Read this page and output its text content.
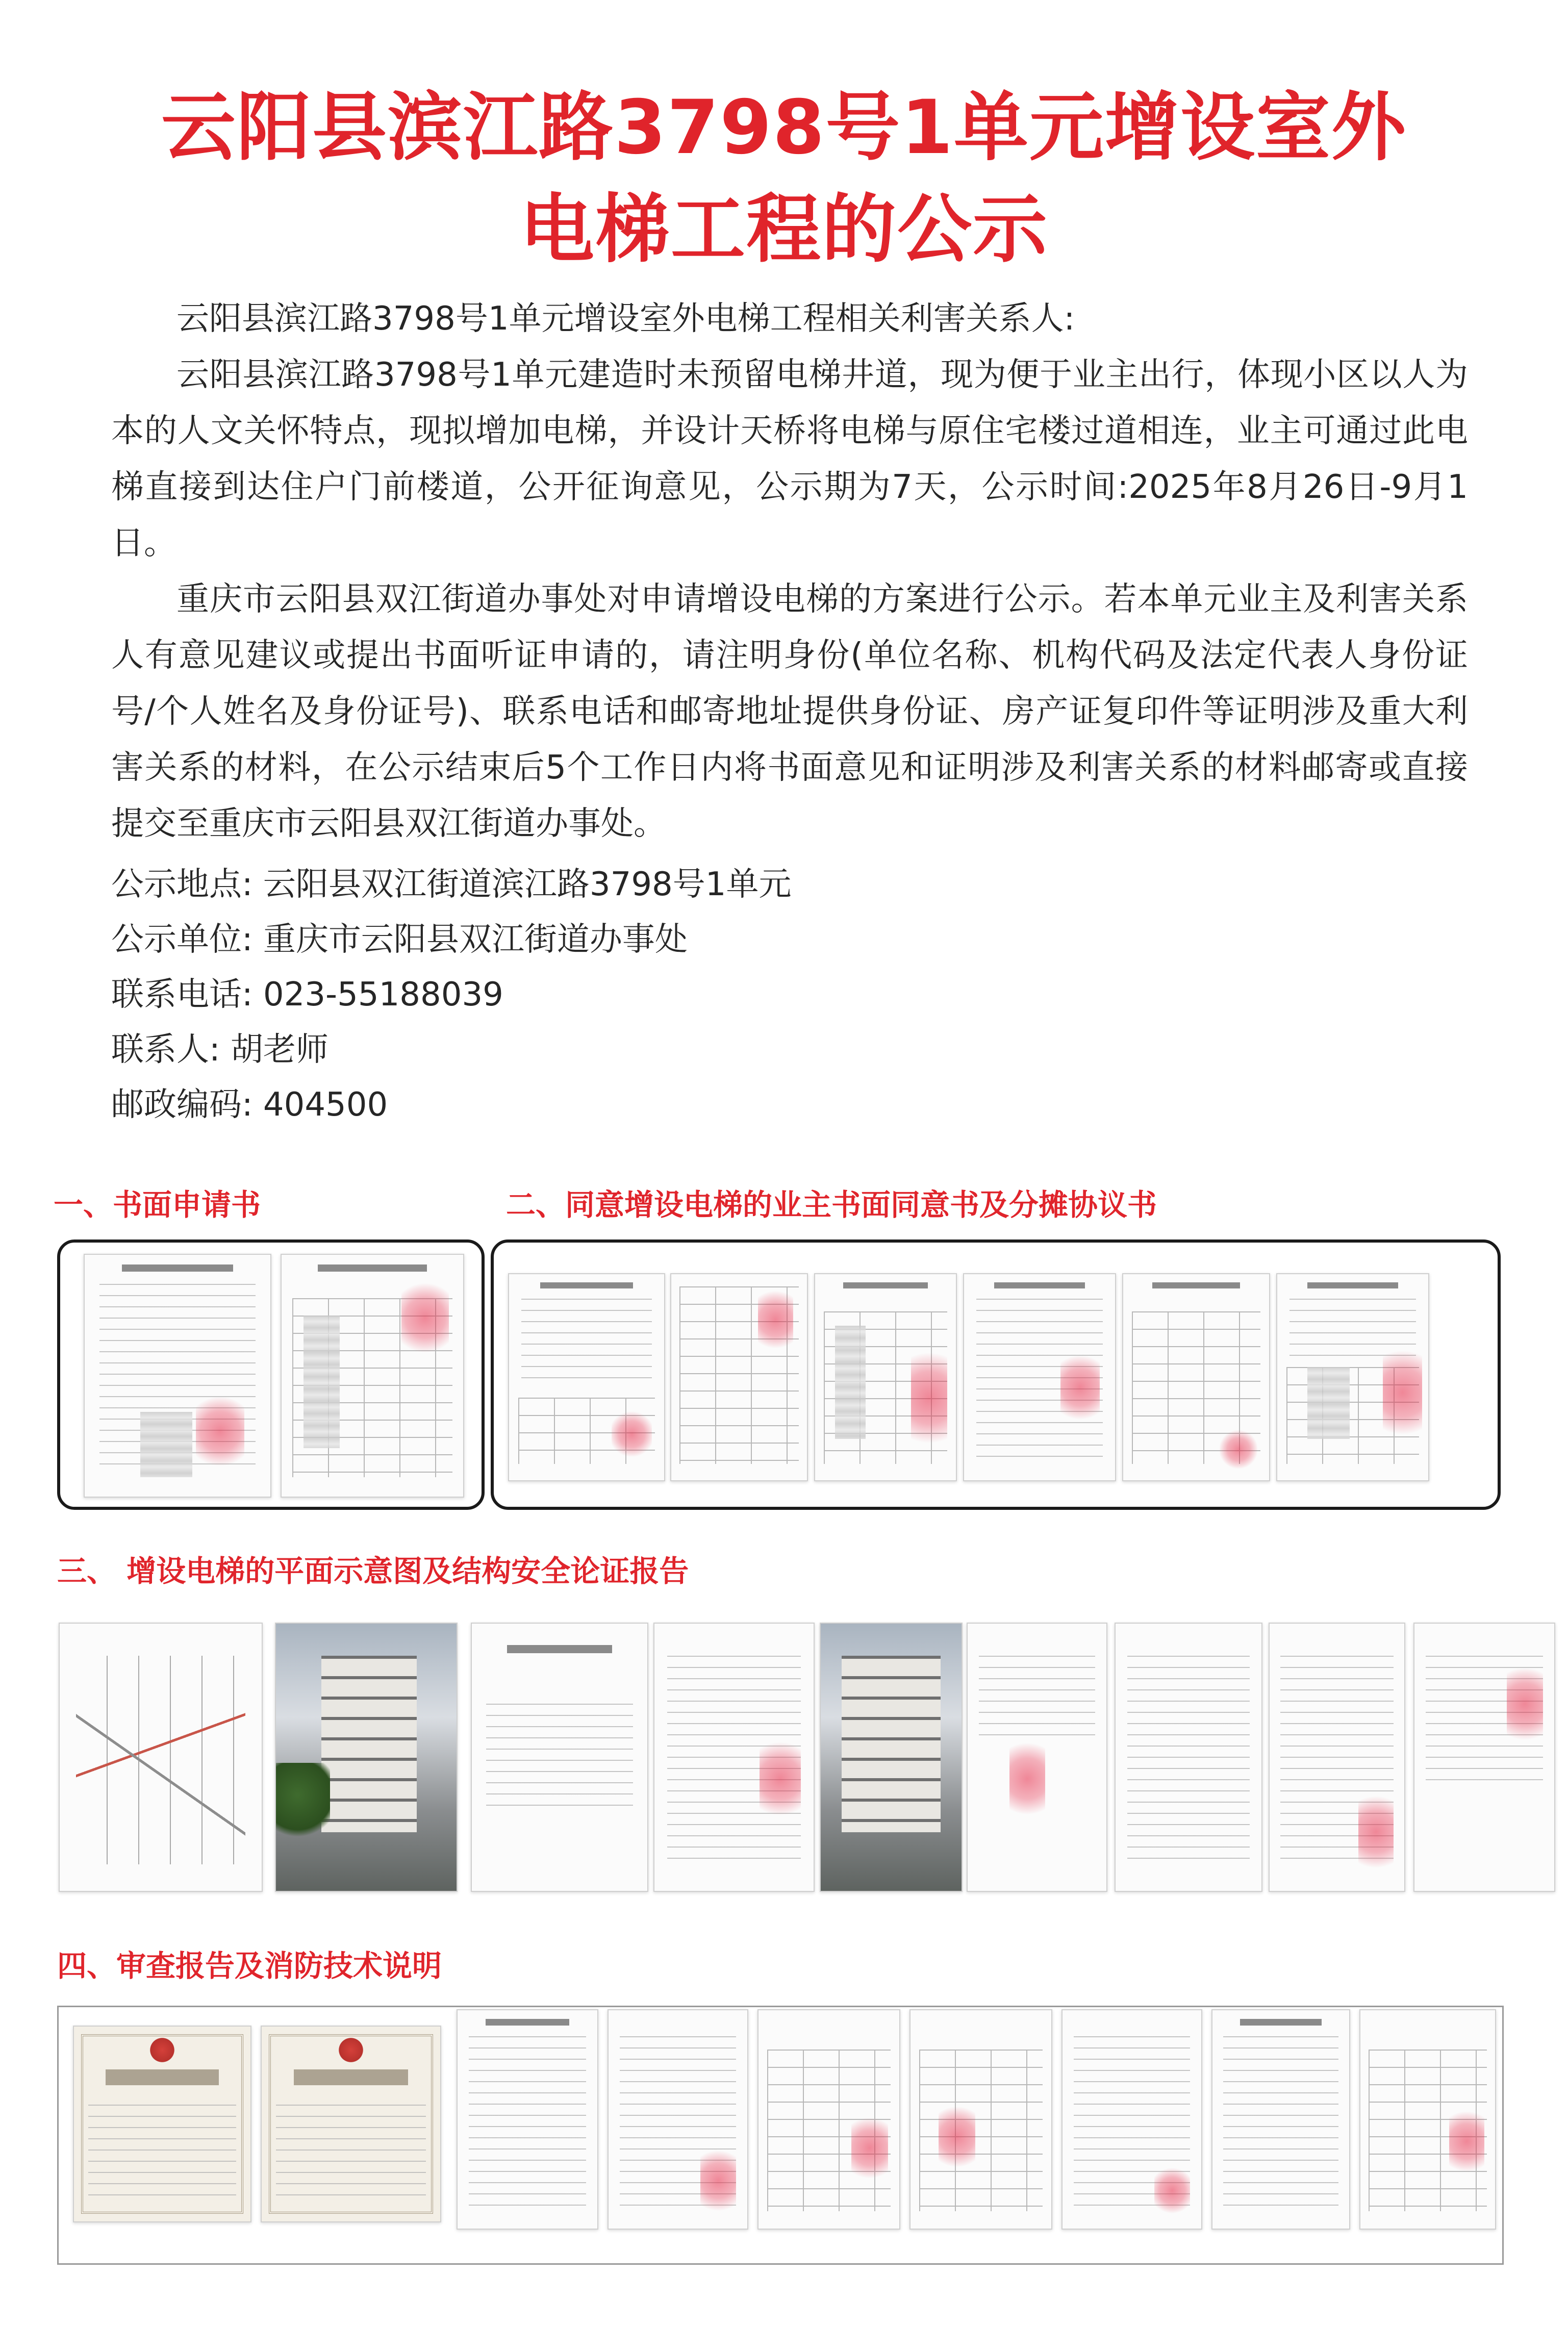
云阳县滨江路3798号1单元增设室外
电梯工程的公示

云阳县滨江路3798号1单元增设室外电梯工程相关利害关系人:

云阳县滨江路3798号1单元建造时未预留电梯井道，现为便于业主出行，体现小区以人为本的人文关怀特点，现拟增加电梯，并设计天桥将电梯与原住宅楼过道相连，业主可通过此电梯直接到达住户门前楼道，公开征询意见，公示期为7天，公示时间:2025年8月26日-9月1日。

重庆市云阳县双江街道办事处对申请增设电梯的方案进行公示。若本单元业主及利害关系人有意见建议或提出书面听证申请的，请注明身份(单位名称、机构代码及法定代表人身份证号/个人姓名及身份证号)、联系电话和邮寄地址提供身份证、房产证复印件等证明涉及重大利害关系的材料，在公示结束后5个工作日内将书面意见和证明涉及利害关系的材料邮寄或直接提交至重庆市云阳县双江街道办事处。

公示地点: 云阳县双江街道滨江路3798号1单元
公示单位: 重庆市云阳县双江街道办事处
联系电话: 023-55188039
联系人: 胡老师
邮政编码: 404500
一、书面申请书	二、同意增设电梯的业主书面同意书及分摊协议书
三、 增设电梯的平面示意图及结构安全论证报告
四、审查报告及消防技术说明
